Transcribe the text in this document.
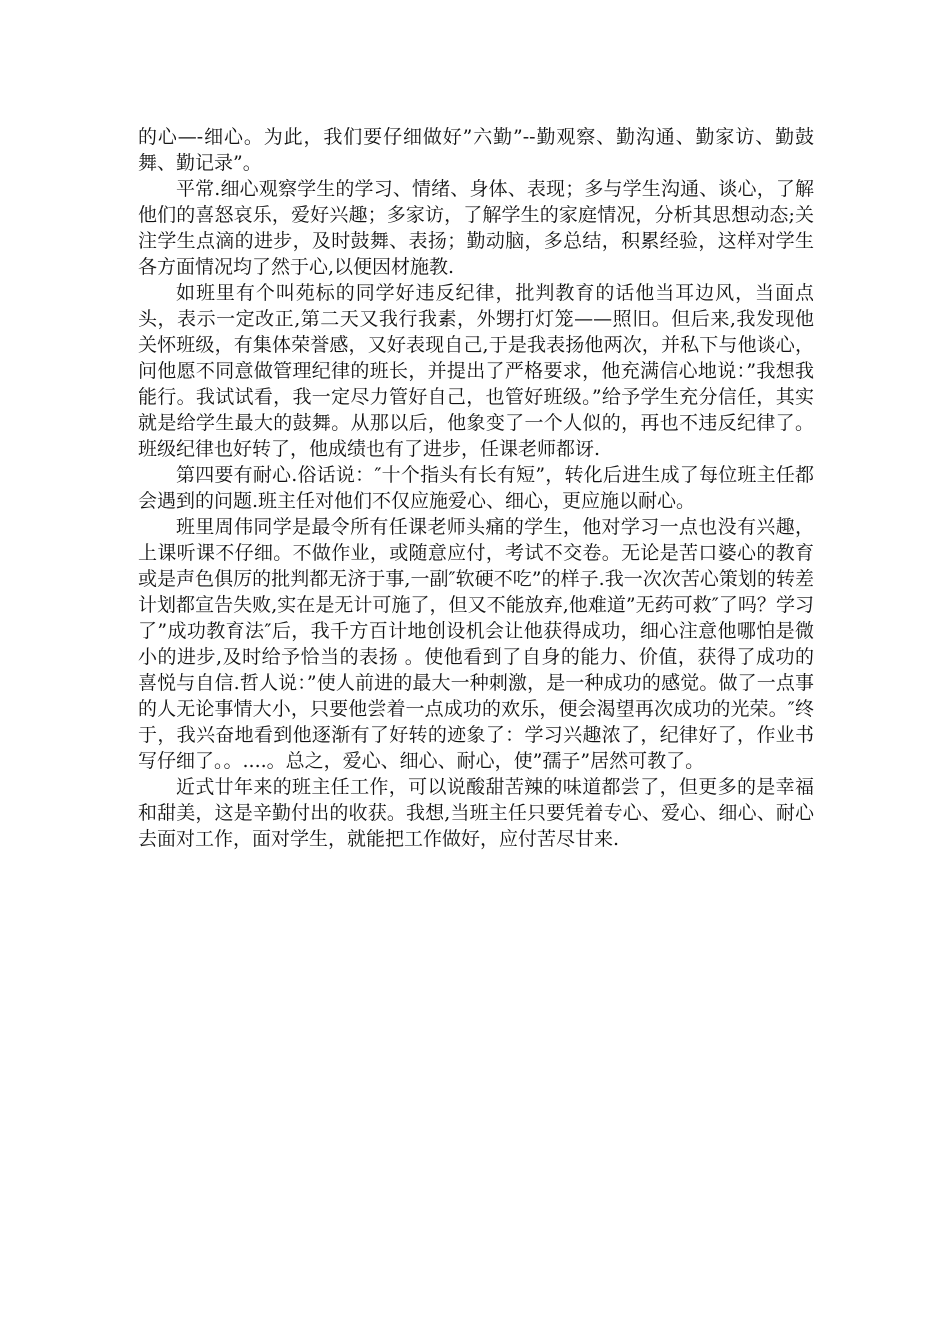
的心—-细心。为此，我们要仔细做好”六勤”--勤观察、勤沟通、勤家访、勤鼓舞、勤记录”。

平常.细心观察学生的学习、情绪、身体、表现；多与学生沟通、谈心，了解他们的喜怒哀乐，爱好兴趣；多家访，了解学生的家庭情况，分析其思想动态;关注学生点滴的进步，及时鼓舞、表扬；勤动脑，多总结，积累经验，这样对学生各方面情况均了然于心,以便因材施教.

如班里有个叫苑标的同学好违反纪律，批判教育的话他当耳边风，当面点头，表示一定改正,第二天又我行我素，外甥打灯笼——照旧。但后来,我发现他关怀班级，有集体荣誉感，又好表现自己,于是我表扬他两次，并私下与他谈心，问他愿不同意做管理纪律的班长，并提出了严格要求，他充满信心地说：”我想我能行。我试试看，我一定尽力管好自己，也管好班级。”给予学生充分信任，其实就是给学生最大的鼓舞。从那以后，他象变了一个人似的，再也不违反纪律了。班级纪律也好转了，他成绩也有了进步，任课老师都讶.

第四要有耐心.俗话说：″十个指头有长有短”，转化后进生成了每位班主任都会遇到的问题.班主任对他们不仅应施爱心、细心，更应施以耐心。

班里周伟同学是最令所有任课老师头痛的学生，他对学习一点也没有兴趣，上课听课不仔细。不做作业，或随意应付，考试不交卷。无论是苦口婆心的教育或是声色俱厉的批判都无济于事,一副″软硬不吃”的样子.我一次次苦心策划的转差计划都宣告失败,实在是无计可施了，但又不能放弃,他难道”无药可救″了吗？学习了”成功教育法″后，我千方百计地创设机会让他获得成功，细心注意他哪怕是微小的进步,及时给予恰当的表扬 。使他看到了自身的能力、价值，获得了成功的喜悦与自信.哲人说：”使人前进的最大一种刺激，是一种成功的感觉。做了一点事的人无论事情大小，只要他尝着一点成功的欢乐，便会渴望再次成功的光荣。″终于，我兴奋地看到他逐渐有了好转的迹象了：学习兴趣浓了，纪律好了，作业书写仔细了。。....。总之，爱心、细心、耐心，使”孺子”居然可教了。

近式廿年来的班主任工作，可以说酸甜苦辣的味道都尝了，但更多的是幸福和甜美，这是辛勤付出的收获。我想,当班主任只要凭着专心、爱心、细心、耐心去面对工作，面对学生，就能把工作做好，应付苦尽甘来.
